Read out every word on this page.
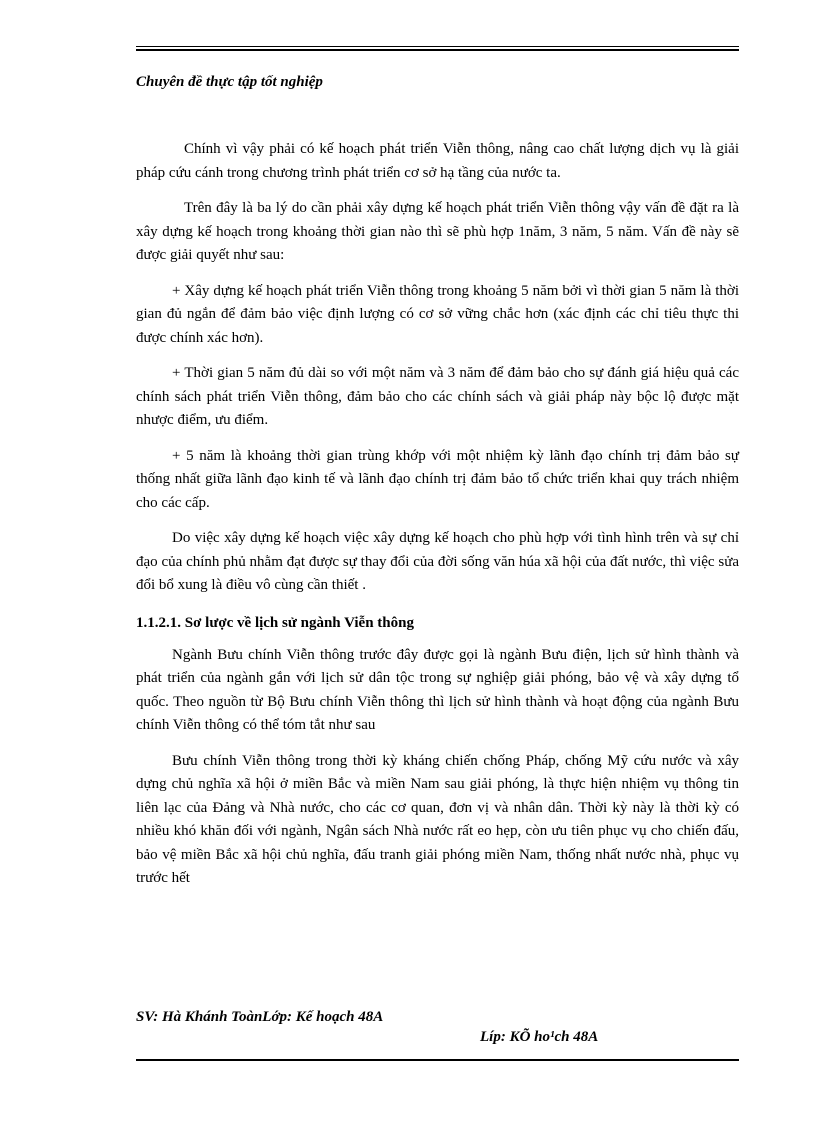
Chuyên đề thực tập tốt nghiệp

Chính vì vậy phải có kế hoạch phát triển Viễn thông, nâng cao chất lượng dịch vụ là giải pháp cứu cánh trong chương trình phát triển cơ sở hạ tầng của nước ta.

Trên đây là ba lý do cần phải xây dựng kế hoạch phát triển Viễn thông vậy vấn đề đặt ra là xây dựng kế hoạch trong khoảng thời gian nào thì sẽ phù hợp 1năm, 3 năm, 5 năm. Vấn đề này sẽ được giải quyết như sau:

+ Xây dựng kế hoạch phát triển Viễn thông trong khoảng 5 năm bởi vì thời gian 5 năm là thời gian đủ ngắn để đảm bảo việc định lượng có cơ sở vững chắc hơn (xác định các chỉ tiêu thực thi được chính xác hơn).

+ Thời gian 5 năm đủ dài so với một năm và 3 năm để đảm bảo cho sự đánh giá hiệu quả các chính sách phát triển Viễn thông, đảm bảo cho các chính sách và giải pháp này bộc lộ được mặt nhược điểm, ưu điểm.

+ 5 năm là khoảng thời gian trùng khớp với một nhiệm kỳ lãnh đạo chính trị đảm bảo sự thống nhất giữa lãnh đạo kinh tế và lãnh đạo chính trị đảm bảo tổ chức triển khai quy trách nhiệm cho các cấp.

Do việc xây dựng kế hoạch việc xây dựng kế hoạch cho phù hợp với tình hình trên và sự chỉ đạo của chính phủ nhằm đạt được sự thay đổi của đời sống văn húa xã hội của đất nước, thì việc sửa đổi bổ xung là điều vô cùng cần thiết .

1.1.2.1. Sơ lược về lịch sử ngành Viễn thông

Ngành Bưu chính Viễn thông trước đây được gọi là ngành Bưu điện, lịch sử hình thành và phát triển của ngành gắn với lịch sử dân tộc trong sự nghiệp giải phóng, bảo vệ và xây dựng tổ quốc. Theo nguồn từ Bộ Bưu chính Viễn thông thì lịch sử hình thành và hoạt động của ngành Bưu chính Viễn thông có thể tóm tắt như sau

Bưu chính Viễn thông trong thời kỳ kháng chiến chống Pháp, chống Mỹ cứu nước và xây dựng chủ nghĩa xã hội ở miền Bắc và miền Nam sau giải phóng, là thực hiện nhiệm vụ thông tin liên lạc của Đảng và Nhà nước, cho các cơ quan, đơn vị và nhân dân. Thời kỳ này là thời kỳ có nhiều khó khăn đối với ngành, Ngân sách Nhà nước rất eo hẹp, còn ưu tiên phục vụ cho chiến đấu, bảo vệ miền Bắc xã hội chủ nghĩa, đấu tranh giải phóng miền Nam, thống nhất nước nhà, phục vụ trước hết

SV: Hà Khánh ToànLớp: Kế hoạch 48A
Líp: KÕ ho¹ch 48A
